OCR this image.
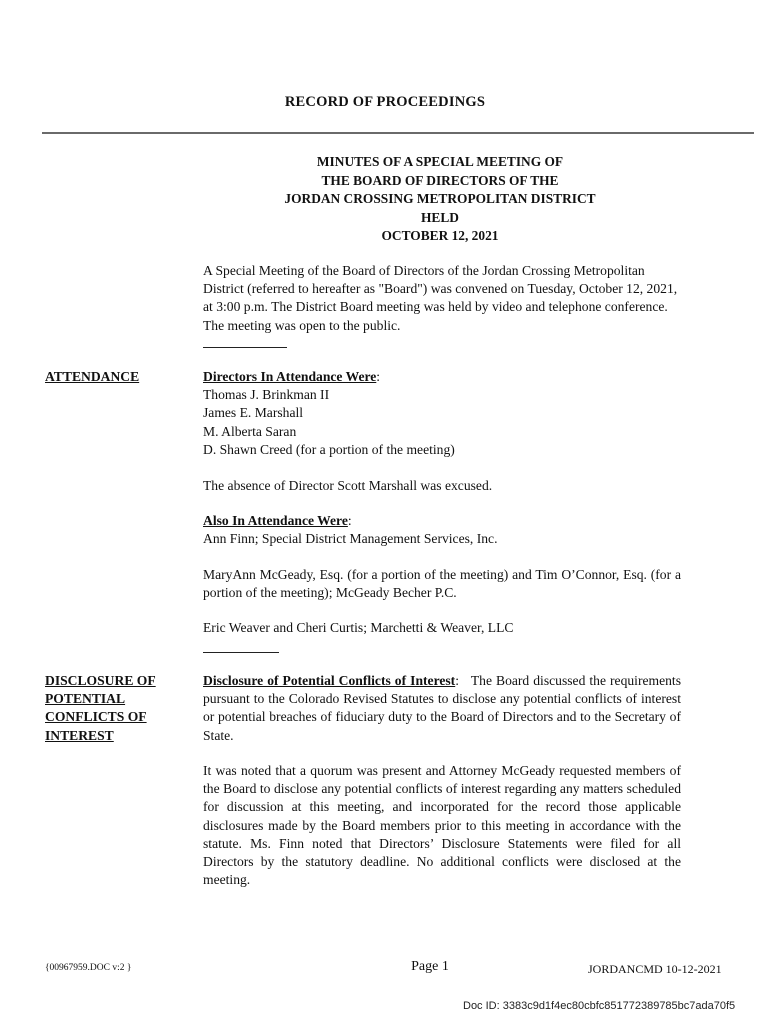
RECORD OF PROCEEDINGS
MINUTES OF A SPECIAL MEETING OF
THE BOARD OF DIRECTORS OF THE
JORDAN CROSSING METROPOLITAN DISTRICT
HELD
OCTOBER 12, 2021
A Special Meeting of the Board of Directors of the Jordan Crossing Metropolitan District (referred to hereafter as "Board") was convened on Tuesday, October 12, 2021, at 3:00 p.m. The District Board meeting was held by video and telephone conference. The meeting was open to the public.
ATTENDANCE	Directors In Attendance Were:
Thomas J. Brinkman II
James E. Marshall
M. Alberta Saran
D. Shawn Creed (for a portion of the meeting)
The absence of Director Scott Marshall was excused.
Also In Attendance Were:
Ann Finn; Special District Management Services, Inc.
MaryAnn McGeady, Esq. (for a portion of the meeting) and Tim O’Connor, Esq. (for a portion of the meeting); McGeady Becher P.C.
Eric Weaver and Cheri Curtis; Marchetti & Weaver, LLC
DISCLOSURE OF
POTENTIAL
CONFLICTS OF
INTEREST
Disclosure of Potential Conflicts of Interest:   The Board discussed the requirements pursuant to the Colorado Revised Statutes to disclose any potential conflicts of interest or potential breaches of fiduciary duty to the Board of Directors and to the Secretary of State.
It was noted that a quorum was present and Attorney McGeady requested members of the Board to disclose any potential conflicts of interest regarding any matters scheduled for discussion at this meeting, and incorporated for the record those applicable disclosures made by the Board members prior to this meeting in accordance with the statute. Ms. Finn noted that Directors’ Disclosure Statements were filed for all Directors by the statutory deadline. No additional conflicts were disclosed at the meeting.
{00967959.DOC v:2 }	Page 1	JORDANCMD 10-12-2021
Doc ID: 3383c9d1f4ec80cbfc851772389785bc7ada70f5
